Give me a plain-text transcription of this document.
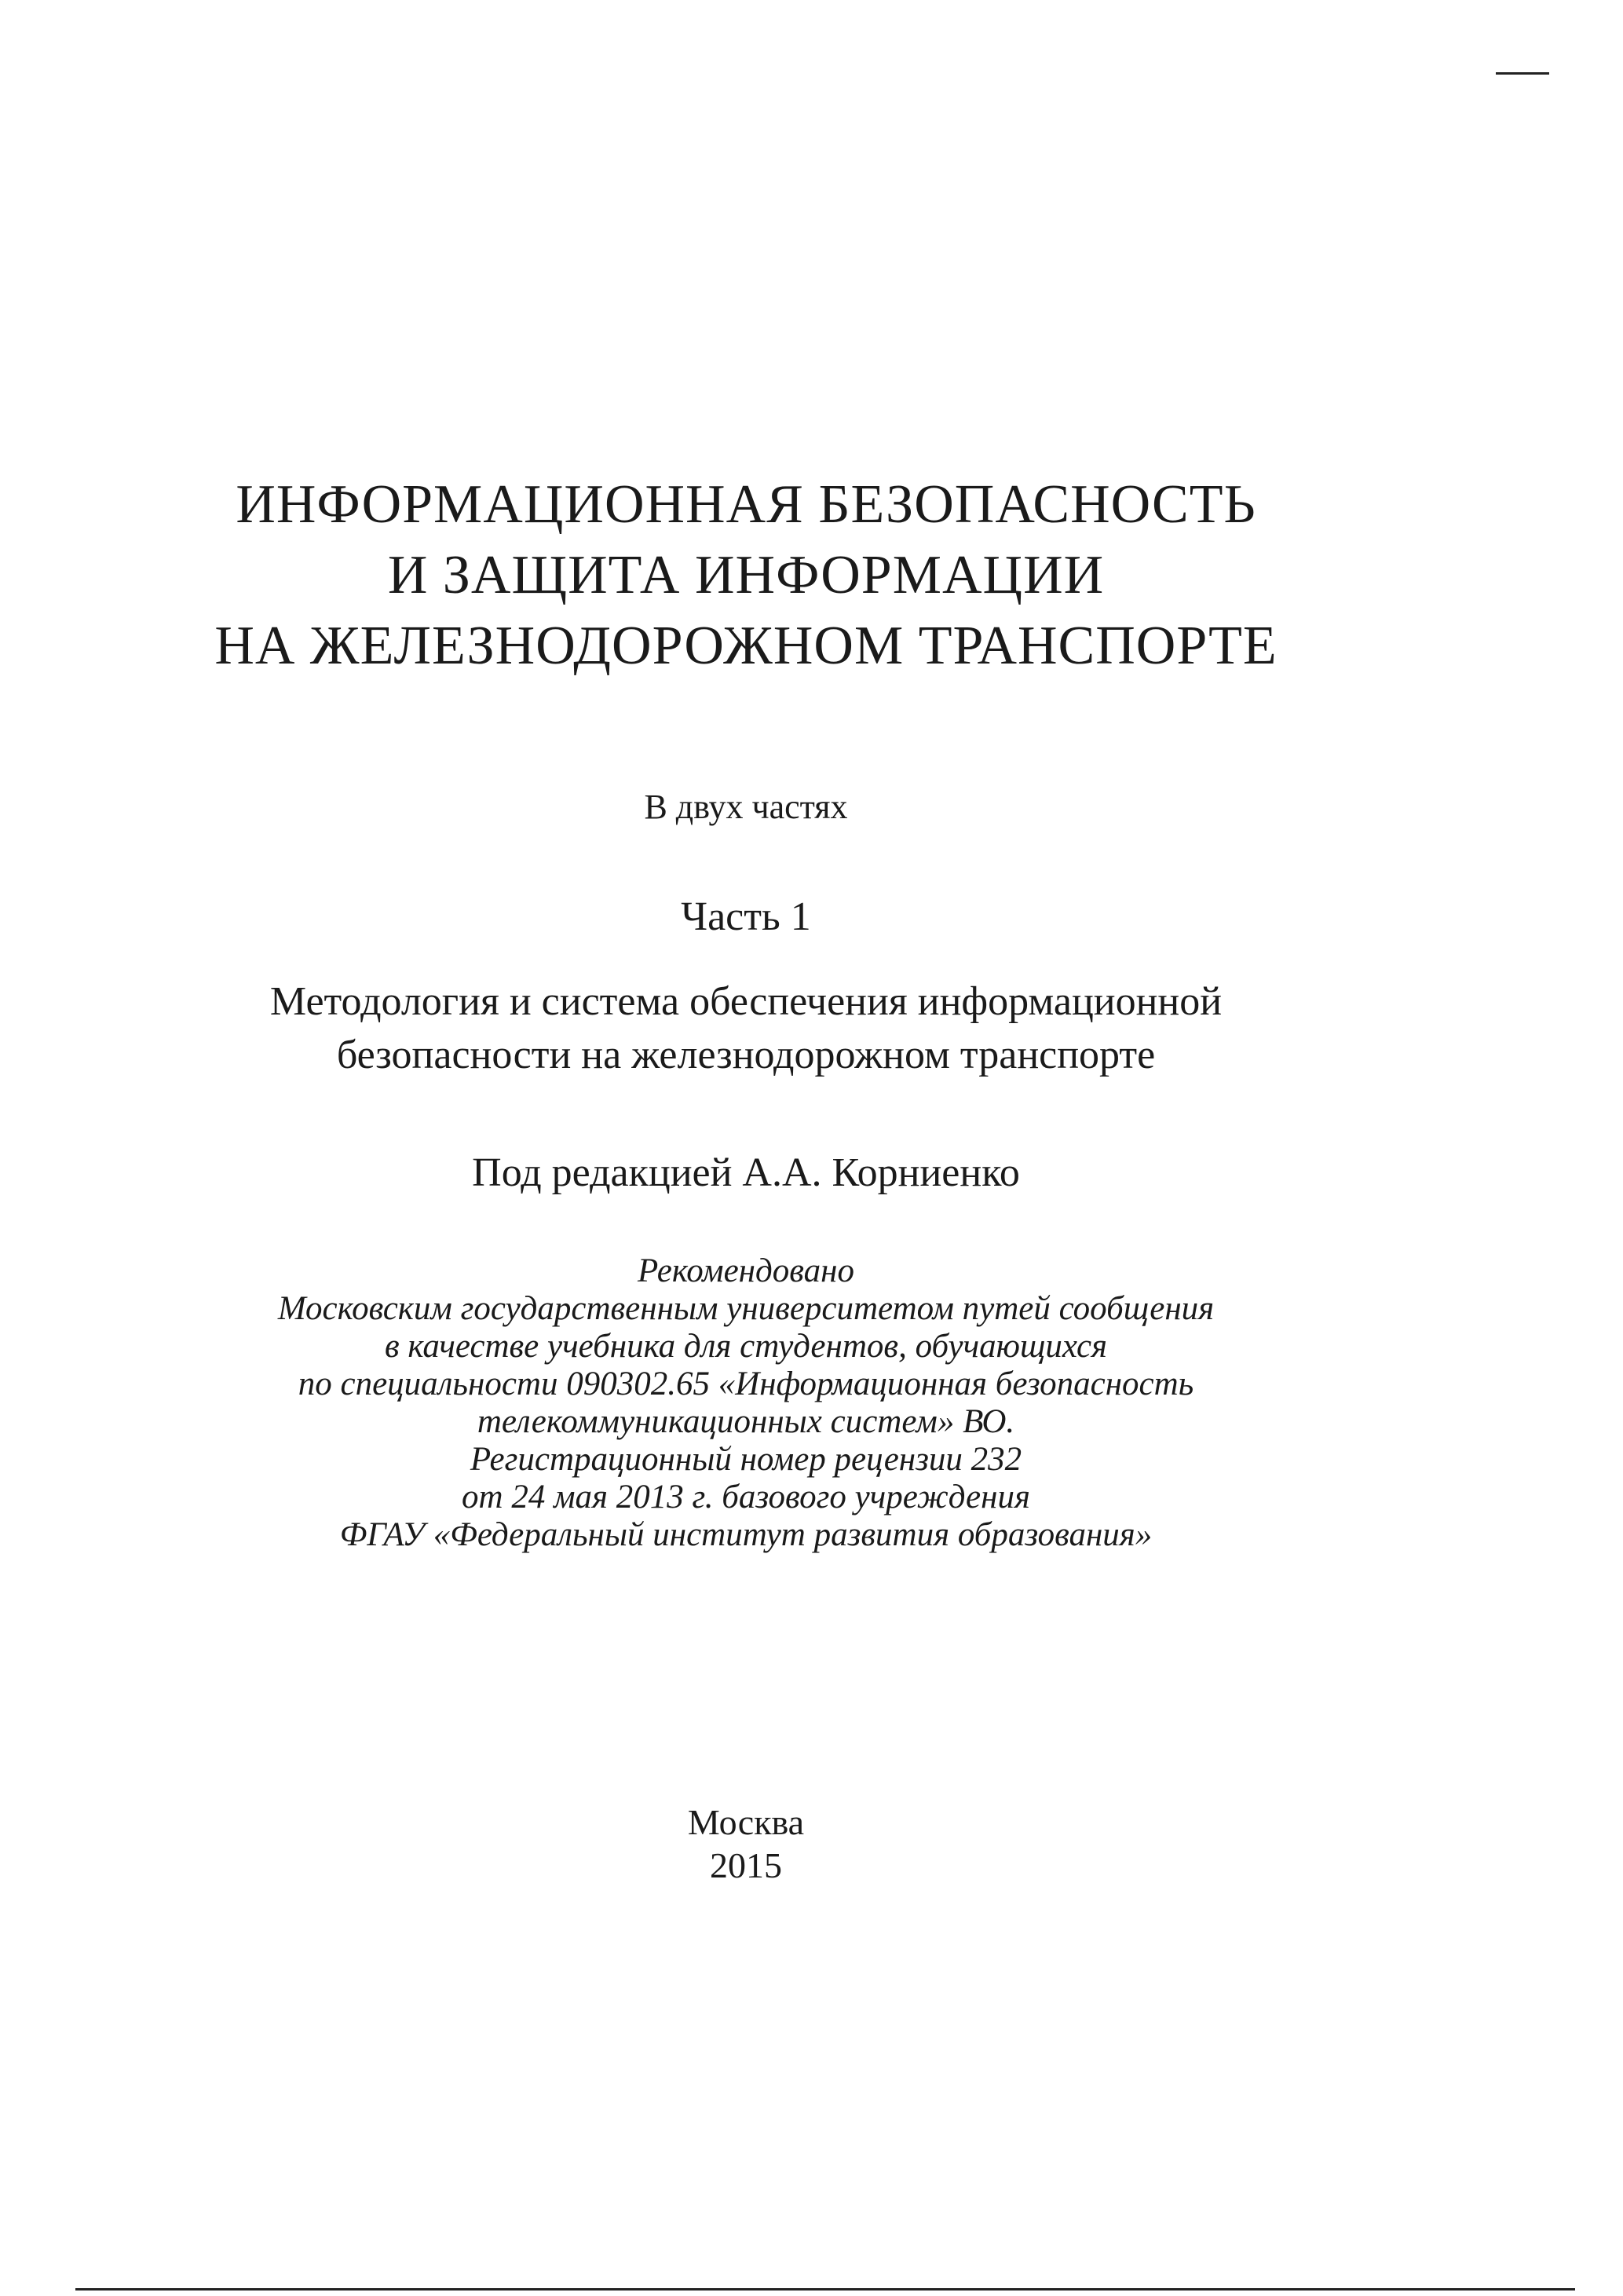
ИНФОРМАЦИОННАЯ БЕЗОПАСНОСТЬ
И ЗАЩИТА ИНФОРМАЦИИ
НА ЖЕЛЕЗНОДОРОЖНОМ ТРАНСПОРТЕ
В двух частях
Часть 1
Методология и система обеспечения информационной
безопасности на железнодорожном транспорте
Под редакцией А.А. Корниенко
Рекомендовано
Московским государственным университетом путей сообщения
в качестве учебника для студентов, обучающихся
по специальности 090302.65 «Информационная безопасность
телекоммуникационных систем» ВО.
Регистрационный номер рецензии 232
от 24 мая 2013 г. базового учреждения
ФГАУ «Федеральный институт развития образования»
Москва
2015
